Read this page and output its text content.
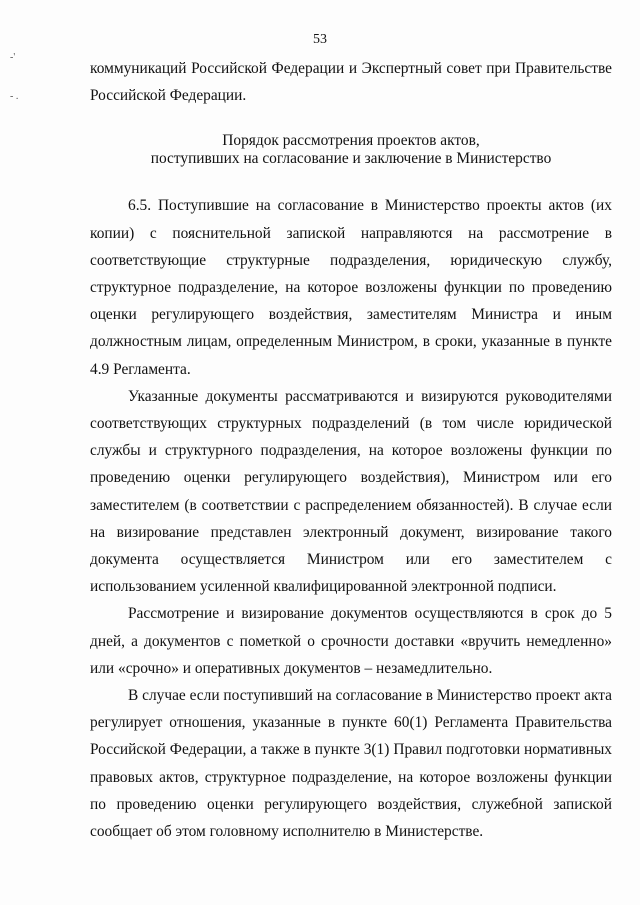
53
-'
- .

коммуникаций Российской Федерации и Экспертный совет при Правительстве Российской Федерации.

Порядок рассмотрения проектов актов,
поступивших на согласование и заключение в Министерство

6.5. Поступившие на согласование в Министерство проекты актов (их копии) с пояснительной запиской направляются на рассмотрение в соответствующие структурные подразделения, юридическую службу, структурное подразделение, на которое возложены функции по проведению оценки регулирующего воздействия, заместителям Министра и иным должностным лицам, определенным Министром, в сроки, указанные в пункте 4.9 Регламента.

Указанные документы рассматриваются и визируются руководителями соответствующих структурных подразделений (в том числе юридической службы и структурного подразделения, на которое возложены функции по проведению оценки регулирующего воздействия), Министром или его заместителем (в соответствии с распределением обязанностей). В случае если на визирование представлен электронный документ, визирование такого документа осуществляется Министром или его заместителем с использованием усиленной квалифицированной электронной подписи.

Рассмотрение и визирование документов осуществляются в срок до 5 дней, а документов с пометкой о срочности доставки «вручить немедленно» или «срочно» и оперативных документов – незамедлительно.

В случае если поступивший на согласование в Министерство проект акта регулирует отношения, указанные в пункте 60(1) Регламента Правительства Российской Федерации, а также в пункте 3(1) Правил подготовки нормативных правовых актов, структурное подразделение, на которое возложены функции по проведению оценки регулирующего воздействия, служебной запиской сообщает об этом головному исполнителю в Министерстве.
